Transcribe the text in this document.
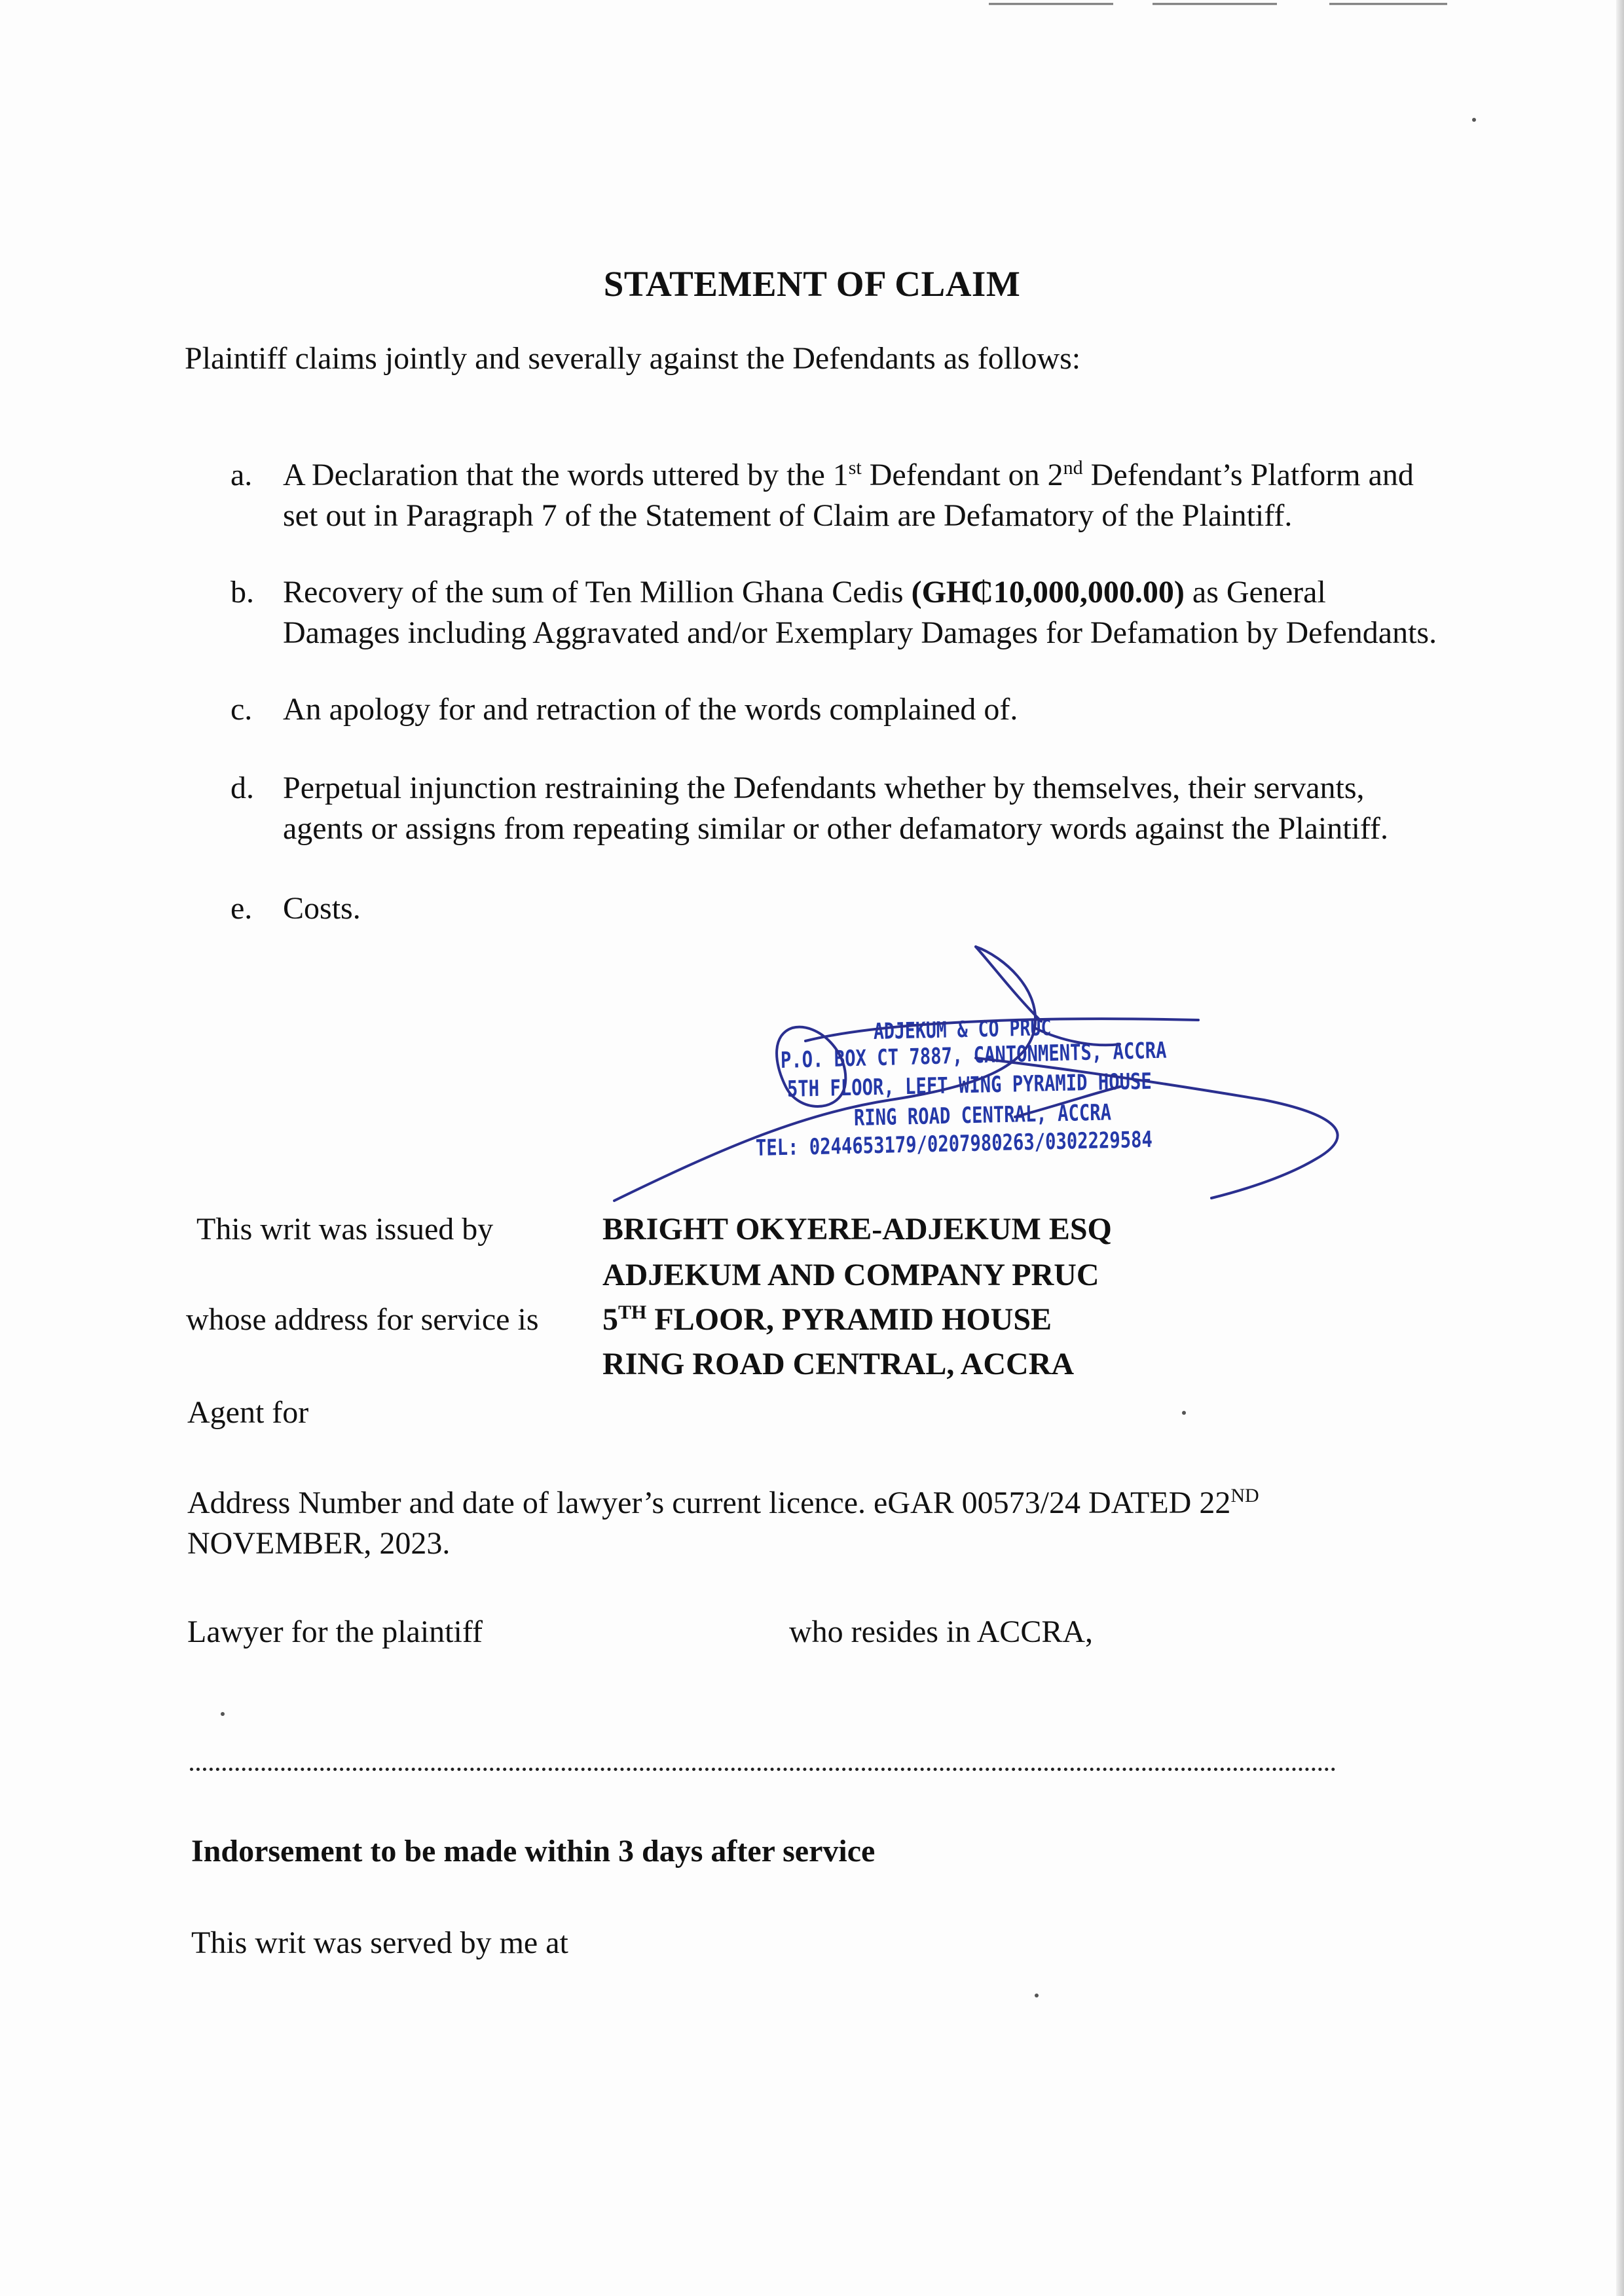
STATEMENT OF CLAIM

Plaintiff claims jointly and severally against the Defendants as follows:

a. A Declaration that the words uttered by the 1st Defendant on 2nd Defendant’s Platform and set out in Paragraph 7 of the Statement of Claim are Defamatory of the Plaintiff.
b. Recovery of the sum of Ten Million Ghana Cedis (GH₵10,000,000.00) as General Damages including Aggravated and/or Exemplary Damages for Defamation by Defendants.
c. An apology for and retraction of the words complained of.
d. Perpetual injunction restraining the Defendants whether by themselves, their servants, agents or assigns from repeating similar or other defamatory words against the Plaintiff.
e. Costs.
ADJEKUM & CO PRUC
P.O. BOX CT 7887, CANTONMENTS, ACCRA
5TH FLOOR, LEFT WING PYRAMID HOUSE
RING ROAD CENTRAL, ACCRA
TEL: 0244653179/0207980263/0302229584

This writ was issued by	BRIGHT OKYERE-ADJEKUM ESQ

ADJEKUM AND COMPANY PRUC

whose address for service is 5TH FLOOR, PYRAMID HOUSE

RING ROAD CENTRAL, ACCRA

Agent for

Address Number and date of lawyer’s current licence. eGAR 00573/24 DATED 22ND NOVEMBER, 2023.

Lawyer for the plaintiff	who resides in ACCRA,

Indorsement to be made within 3 days after service

This writ was served by me at
